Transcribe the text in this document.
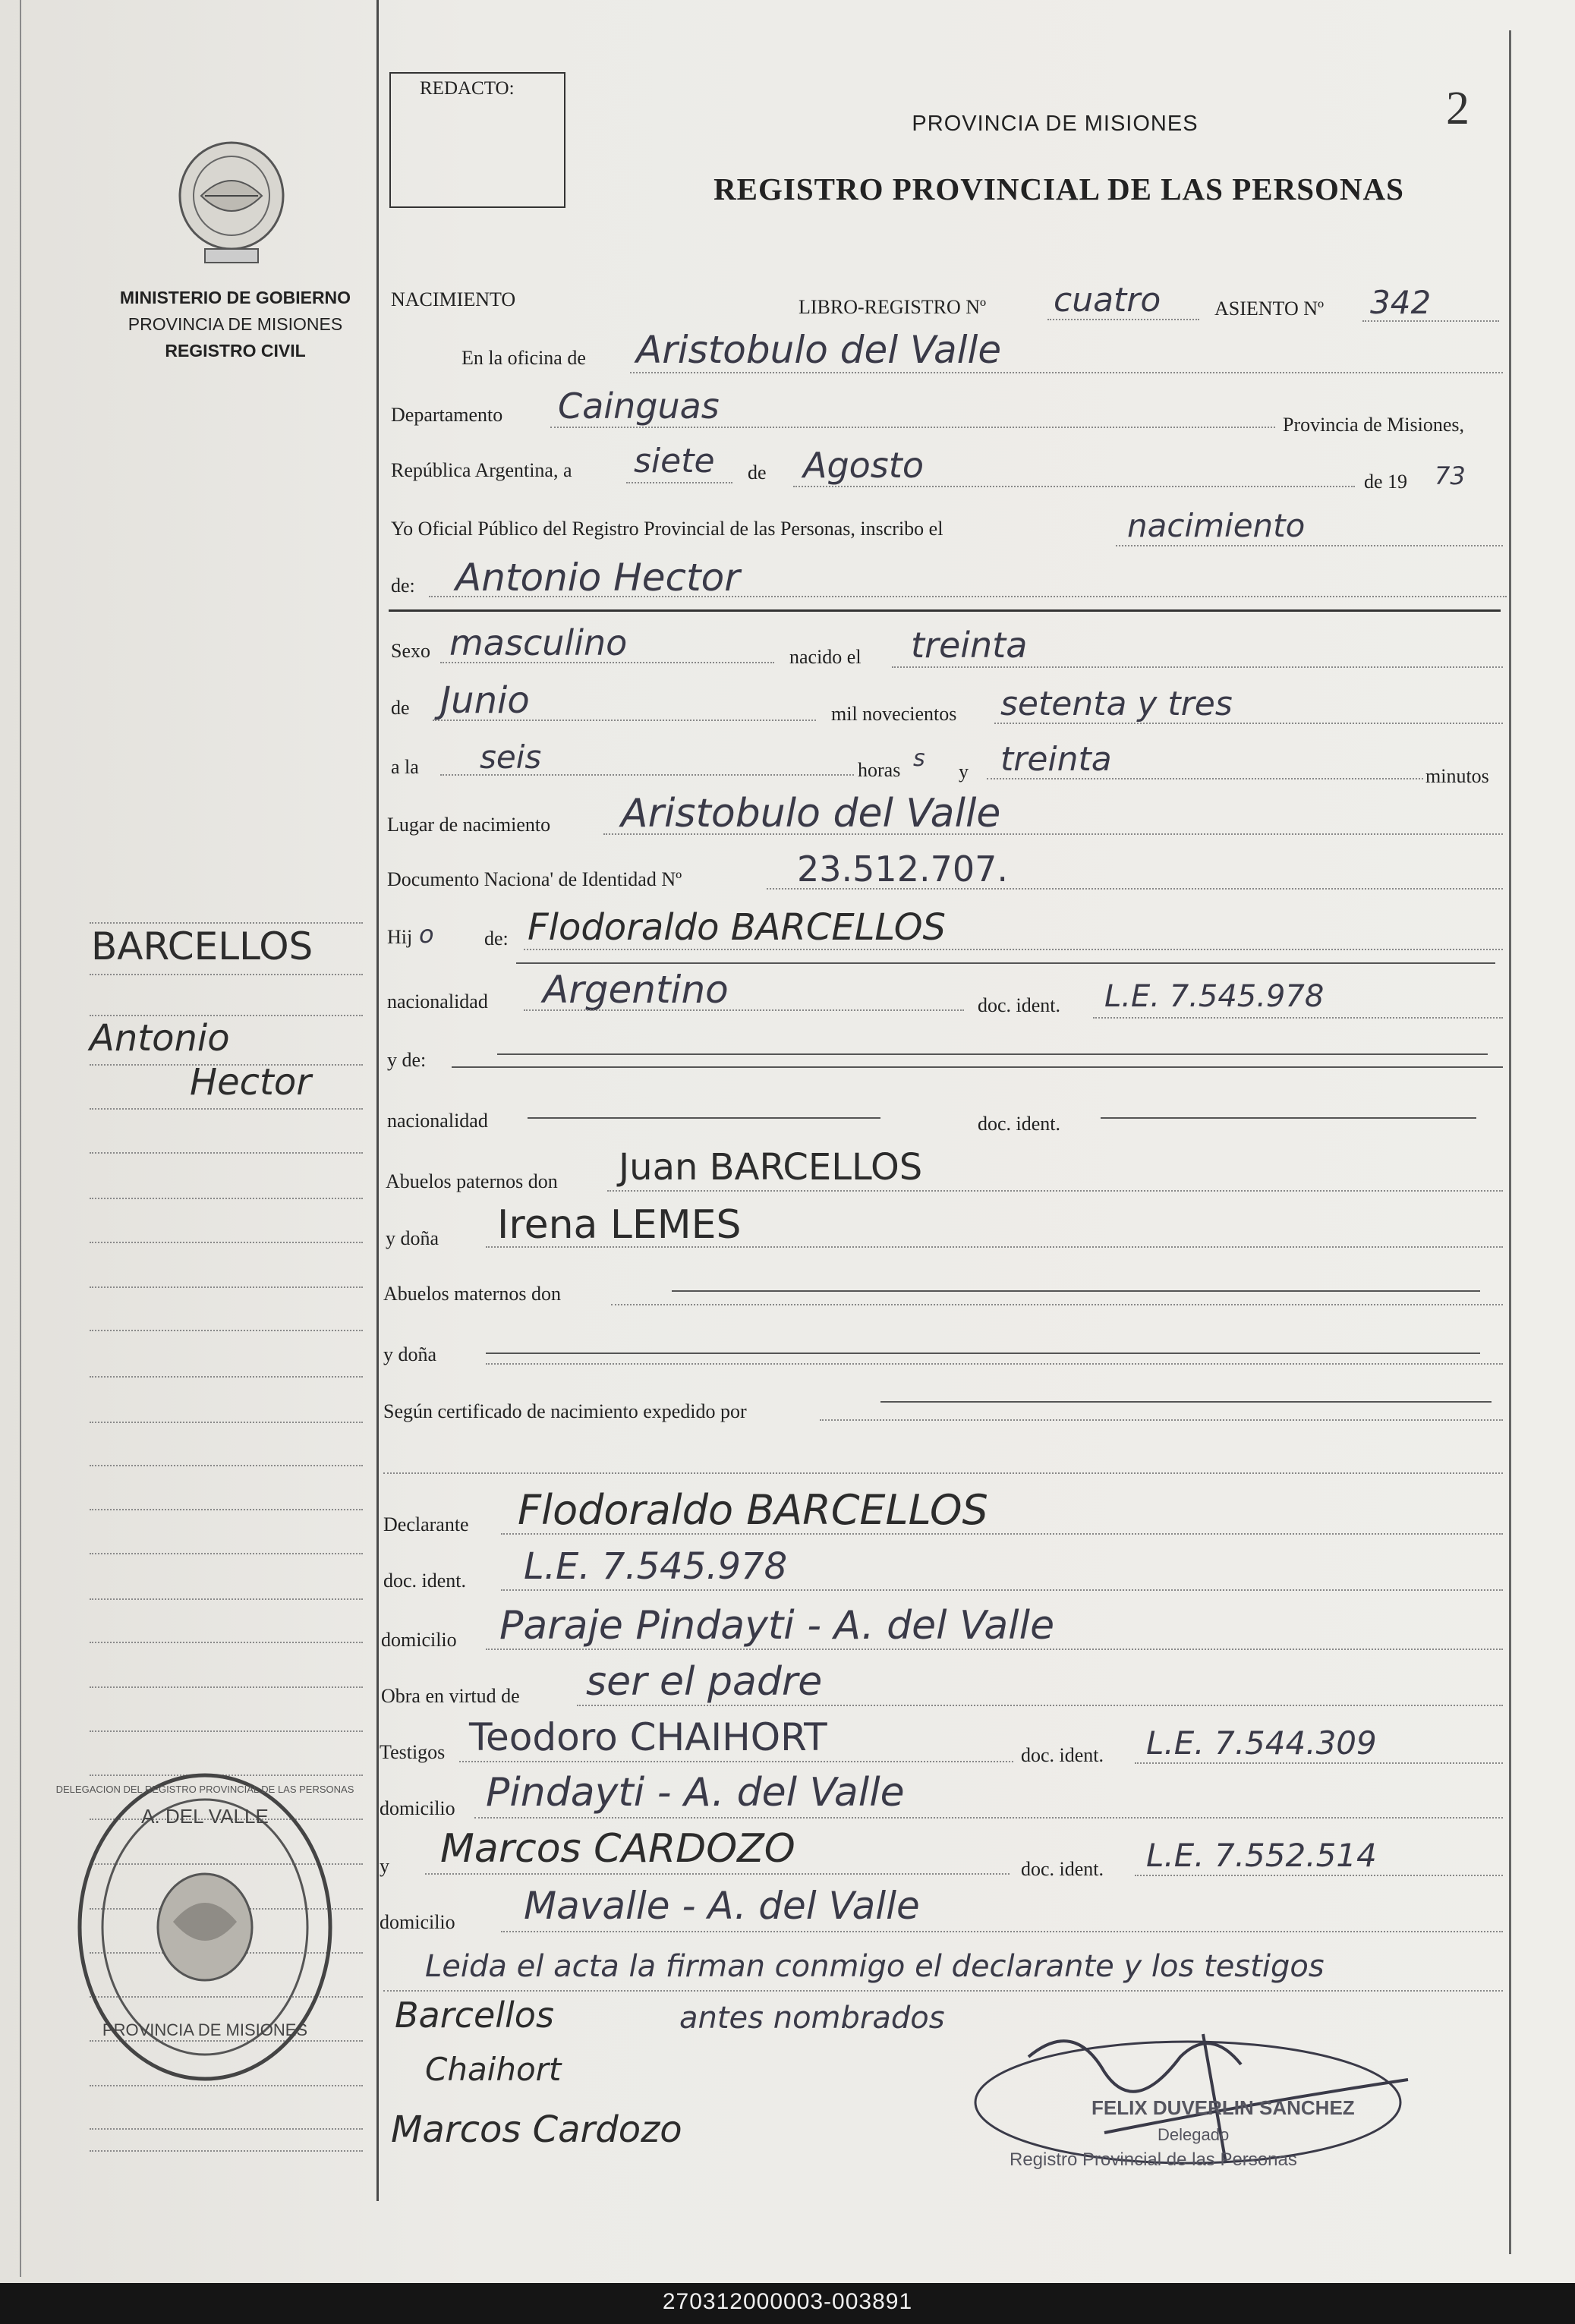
REDACTO:	2
PROVINCIA DE MISIONES
REGISTRO PROVINCIAL DE LAS PERSONAS
MINISTERIO DE GOBIERNO
PROVINCIA DE MISIONES
REGISTRO CIVIL
BARCELLOS
Antonio
Hector
NACIMIENTO	LIBRO-REGISTRO Nº cuatro	ASIENTO Nº 342
En la oficina de Aristobulo del Valle
Departamento Cainguas	Provincia de Misiones,
República Argentina, a siete de Agosto	de 19 73
Yo Oficial Público del Registro Provincial de las Personas, inscribo el	nacimiento
de: Antonio Hector
Sexo masculino	nacido el treinta
de Junio	mil novecientos setenta y tres
a la seis	horas s y treinta	minutos
Lugar de nacimiento Aristobulo del Valle
Documento Naciona' de Identidad Nº	23.512.707.
Hij o	de: Flodoraldo BARCELLOS
nacionalidad Argentino	doc. ident. L.E. 7.545.978
y de:
nacionalidad	doc. ident.
Abuelos paternos don Juan BARCELLOS
y doña Irena LEMES
Abuelos maternos don
y doña
Según certificado de nacimiento expedido por
Declarante Flodoraldo BARCELLOS
doc. ident. L.E. 7.545.978
domicilio Paraje Pindayti - A. del Valle
Obra en virtud de ser el padre
Testigos Teodoro CHAIHORT	doc. ident. L.E. 7.544.309
domicilio Pindayti - A. del Valle
y Marcos CARDOZO	doc. ident. L.E. 7.552.514
domicilio Mavalle - A. del Valle
Leida el acta la firman conmigo el declarante y los testigos
antes nombrados
Barcellos
Chaihort
Marcos Cardozo
A. DEL VALLE
PROVINCIA DE MISIONES
DELEGACION DEL REGISTRO PROVINCIAL DE LAS PERSONAS
FELIX DUVERLIN SANCHEZ
Delegado
Registro Provincial de las Personas
270312000003-003891
